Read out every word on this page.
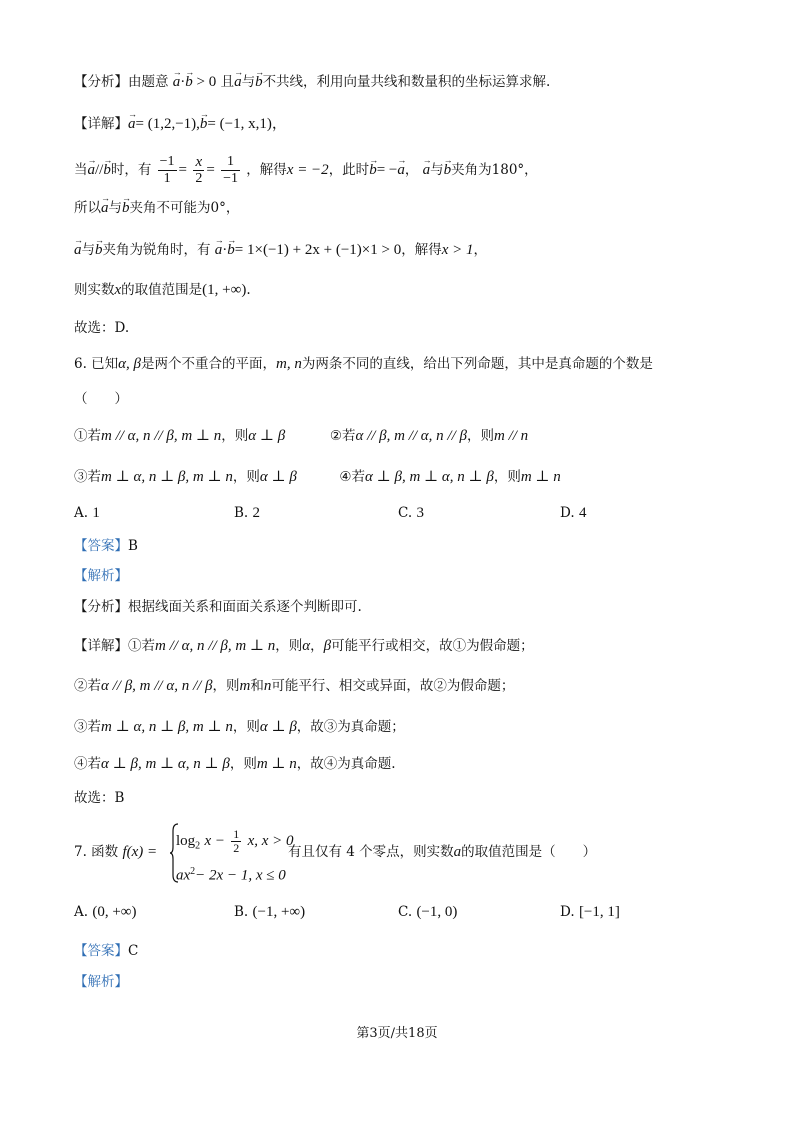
【分析】由题意 → a·→ b > 0 且→ a与→ b不共线，利用向量共线和数量积的坐标运算求解.
【详解】→ a= (1,2,−1),→ b= (−1, x,1)，
当→ a//→ b时，有 $\frac{-1}{1} = \frac{x}{2} = \frac{1}{-1}$ ，解得x = −2，此时→ b= −→ a， → a与→ b夹角为180°，
所以→ a与→ b夹角不可能为0°，
→ a与→ b夹角为锐角时，有 → a·→ b= 1×(−1) + 2x + (−1)×1 > 0，解得x > 1，
则实数x的取值范围是(1, +∞).
故选：D.
6. 已知α, β是两个不重合的平面，m, n为两条不同的直线，给出下列命题，其中是真命题的个数是
（　　）
①若m // α, n // β, m ⊥ n，则α ⊥ β	②若α // β, m // α, n // β，则m // n
③若m ⊥ α, n ⊥ β, m ⊥ n，则α ⊥ β	④若α ⊥ β, m ⊥ α, n ⊥ β，则m ⊥ n
A. 1	B. 2	C. 3	D. 4
【答案】B
【解析】
【分析】根据线面关系和面面关系逐个判断即可.
【详解】①若m // α, n // β, m ⊥ n，则α，β可能平行或相交，故①为假命题；
②若α // β, m // α, n // β，则m和n可能平行、相交或异面，故②为假命题；
③若m ⊥ α, n ⊥ β, m ⊥ n，则α ⊥ β，故③为真命题；
④若α ⊥ β, m ⊥ α, n ⊥ β，则m ⊥ n，故④为真命题.
故选：B
7. 函数 f(x) =
$\log_2 x - \frac{1}{2} x$, x > 0
$ax^2- 2x - 1$, x ≤ 0
有且仅有 4 个零点，则实数a的取值范围是（　　）
A. (0, +∞)	B. (−1, +∞)	C. (−1, 0)	D. [−1, 1]
【答案】C
【解析】
第3页/共18页
